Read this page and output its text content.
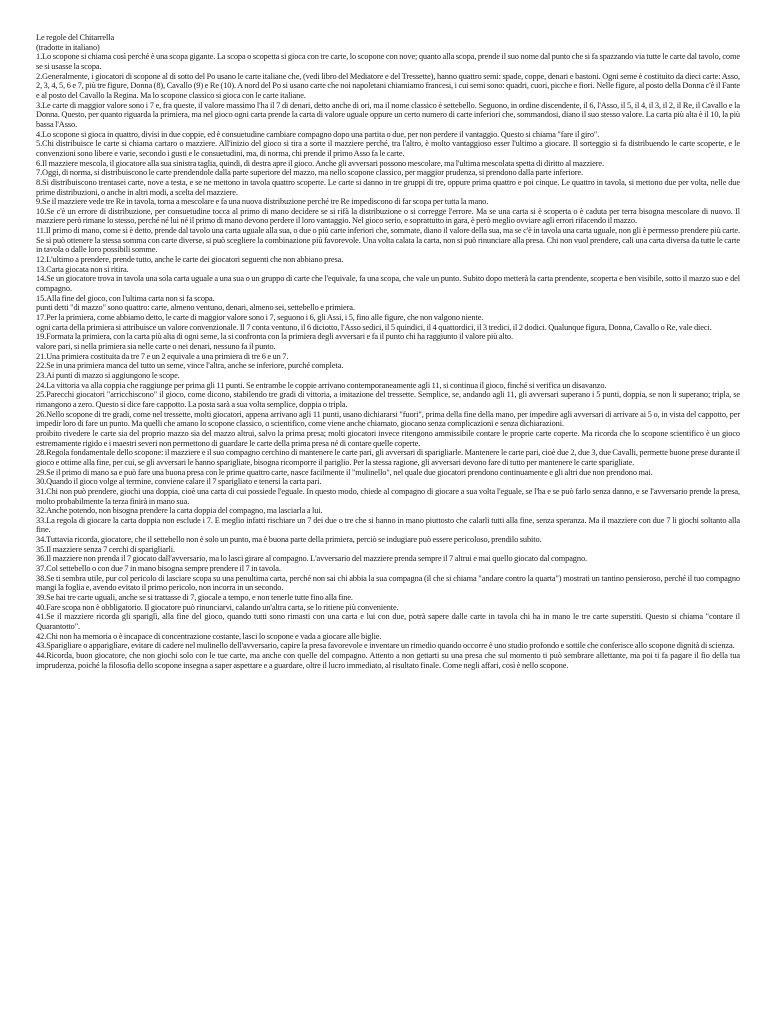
Le regole del Chitarrella

(tradotte in italiano)

1.Lo scopone si chiama così perché è una scopa gigante. La scopa o scopetta si gioca con tre carte, lo scopone con nove; quanto alla scopa, prende il suo nome dal punto che si fa spazzando via tutte le carte dal tavolo, come se si usasse la scopa.

2.Generalmente, i giocatori di scopone al di sotto del Po usano le carte italiane che, (vedi libro del Mediatore e del Tressette), hanno quattro semi: spade, coppe, denari e bastoni. Ogni seme è costituito da dieci carte: Asso, 2, 3, 4, 5, 6 e 7, più tre figure, Donna (8), Cavallo (9) e Re (10). A nord del Po si usano carte che noi napoletani chiamiamo francesi, i cui semi sono: quadri, cuori, picche e fiori. Nelle figure, al posto della Donna c'è il Fante e al posto del Cavallo la Regina. Ma lo scopone classico si gioca con le carte italiane.

3.Le carte di maggior valore sono i 7 e, fra queste, il valore massimo l'ha il 7 di denari, detto anche di ori, ma il nome classico è settebello. Seguono, in ordine discendente, il 6, l'Asso, il 5, il 4, il 3, il 2, il Re, il Cavallo e la Donna. Questo, per quanto riguarda la primiera, ma nel gioco ogni carta prende la carta di valore uguale oppure un certo numero di carte inferiori che, sommandosi, diano il suo stesso valore. La carta più alta è il 10, la più bassa l'Asso.

4.Lo scopone si gioca in quattro, divisi in due coppie, ed è consuetudine cambiare compagno dopo una partita o due, per non perdere il vantaggio. Questo si chiama "fare il giro".

5.Chi distribuisce le carte si chiama cartaro o mazziere. All'inizio del gioco si tira a sorte il mazziere perché, tra l'altro, è molto vantaggioso esser l'ultimo a giocare. Il sorteggio si fa distribuendo le carte scoperte, e le convenzioni sono libere e varie, secondo i gusti e le consuetudini, ma, di norma, chi prende il primo Asso fa le carte.

6.Il mazziere mescola, il giocatore alla sua sinistra taglia, quindi, di destra apre il gioco. Anche gli avversari possono mescolare, ma l'ultima mescolata spetta di diritto al mazziere.

7.Oggi, di norma, si distribuiscono le carte prendendole dalla parte superiore del mazzo, ma nello scopone classico, per maggior prudenza, si prendono dalla parte inferiore.

8.Si distribuiscono trentasei carte, nove a testa, e se ne mettono in tavola quattro scoperte. Le carte si danno in tre gruppi di tre, oppure prima quattro e poi cinque. Le quattro in tavola, si mettono due per volta, nelle due prime distribuzioni, o anche in altri modi, a scelta del mazziere.

9.Se il mazziere vede tre Re in tavola, torna a mescolare e fa una nuova distribuzione perché tre Re impediscono di far scopa per tutta la mano.

10.Se c'è un errore di distribuzione, per consuetudine tocca al primo di mano decidere se si rifà la distribuzione o si corregge l'errore. Ma se una carta si è scoperta o è caduta per terra bisogna mescolare di nuovo. Il mazziere però rimane lo stesso, perché né lui né il primo di mano devono perdere il loro vantaggio. Nel gioco serio, e soprattutto in gara, è però meglio ovviare agli errori rifacendo il mazzo.

11.Il primo di mano, come si è detto, prende dal tavolo una carta uguale alla sua, o due o più carte inferiori che, sommate, diano il valore della sua, ma se c'è in tavola una carta uguale, non gli è permesso prendere più carte. Se si può ottenere la stessa somma con carte diverse, si può scegliere la combinazione più favorevole. Una volta calata la carta, non si può rinunciare alla presa. Chi non vuol prendere, cali una carta diversa da tutte le carte in tavola o dalle loro possibili somme.

12.L'ultimo a prendere, prende tutto, anche le carte dei giocatori seguenti che non abbiano presa.

13.Carta giocata non si ritira.

14.Se un giocatore trova in tavola una sola carta uguale a una sua o un gruppo di carte che l'equivale, fa una scopa, che vale un punto. Subito dopo metterà la carta prendente, scoperta e ben visibile, sotto il mazzo suo e del compagno.

15.Alla fine del gioco, con l'ultima carta non si fa scopa.

punti detti "di mazzo" sono quattro: carte, almeno ventuno, denari, almeno sei, settebello e primiera.

17.Per la primiera, come abbiamo detto, le carte di maggior valore sono i 7, seguono i 6, gli Assi, i 5, fino alle figure, che non valgono niente.

ogni carta della primiera si attribuisce un valore convenzionale. Il 7 conta ventuno, il 6 diciotto, l'Asso sedici, il 5 quindici, il 4 quattordici, il 3 tredici, il 2 dodici. Qualunque figura, Donna, Cavallo o Re, vale dieci.

19.Formata la primiera, con la carta più alta di ogni seme, la si confronta con la primiera degli avversari e fa il punto chi ha raggiunto il valore più alto.

valore pari, si nella primiera sia nelle carte o nei denari, nessuno fa il punto.

21.Una primiera costituita da tre 7 e un 2 equivale a una primiera di tre 6 e un 7.

22.Se in una primiera manca del tutto un seme, vince l'altra, anche se inferiore, purché completa.

23.Ai punti di mazzo si aggiungono le scope.

24.La vittoria va alla coppia che raggiunge per prima gli 11 punti. Se entrambe le coppie arrivano contemporaneamente agli 11, si continua il gioco, finché si verifica un disavanzo.

25.Parecchi giocatori "arricchiscono" il gioco, come dicono, stabilendo tre gradi di vittoria, a imitazione del tressette. Semplice, se, andando agli 11, gli avversari superano i 5 punti, doppia, se non li superano; tripla, se rimangono a zero. Questo si dice fare cappotto. La posta sarà a sua volta semplice, doppia o tripla.

26.Nello scopone di tre gradi, come nel tressette, molti giocatori, appena arrivano agli 11 punti, usano dichiararsi "fuori", prima della fine della mano, per impedire agli avversari di arrivare ai 5 o, in vista del cappotto, per impedir loro di fare un punto. Ma quelli che amano lo scopone classico, o scientifico, come viene anche chiamato, giocano senza complicazioni e senza dichiarazioni.

proibito rivedere le carte sia del proprio mazzo sia del mazzo altrui, salvo la prima presa; molti giocatori invece ritengono ammissibile contare le proprie carte coperte. Ma ricorda che lo scopone scientifico è un gioco estremamente rigido e i maestri severi non permettono di guardare le carte della prima presa né di contare quelle coperte.

28.Regola fondamentale dello scopone: il mazziere e il suo compagno cerchino di mantenere le carte pari, gli avversari di sparigliarle. Mantenere le carte pari, cioè due 2, due 3, due Cavalli, permette buone prese durante il gioco e ottime alla fine, per cui, se gli avversari le hanno sparigliate, bisogna ricomporre il pariglio. Per la stessa ragione, gli avversari devono fare di tutto per mantenere le carte sparigliate.

29.Se il primo di mano sa e può fare una buona presa con le prime quattro carte, nasce facilmente il "mulinello", nel quale due giocatori prendono continuamente e gli altri due non prendono mai.

30.Quando il gioco volge al termine, conviene calare il 7 sparigliato e tenersi la carta pari.

31.Chi non può prendere, giochi una doppia, cioè una carta di cui possiede l'eguale. In questo modo, chiede al compagno di giocare a sua volta l'eguale, se l'ha e se può farlo senza danno, e se l'avversario prende la presa, molto probabilmente la terza finirà in mano sua.

32.Anche potendo, non bisogna prendere la carta doppia del compagno, ma lasciarla a lui.

33.La regola di giocare la carta doppia non esclude i 7. E meglio infatti rischiare un 7 dei due o tre che si hanno in mano piuttosto che calarli tutti alla fine, senza speranza. Ma il mazziere con due 7 li giochi soltanto alla fine.

34.Tuttavia ricorda, giocatore, che il settebello non è solo un punto, ma è buona parte della primiera, perciò se indugiare può essere pericoloso, prendilo subito.

35.Il mazziere senza 7 cerchi di sparigliarli.

36.Il mazziere non prenda il 7 giocato dall'avversario, ma lo lasci girare al compagno. L'avversario del mazziere prenda sempre il 7 altrui e mai quello giocato dal compagno.

37.Col settebello o con due 7 in mano bisogna sempre prendere il 7 in tavola.

38.Se ti sembra utile, pur col pericolo di lasciare scopa su una penultima carta, perché non sai chi abbia la sua compagna (il che si chiama "andare contro la quarta") mostrati un tantino pensieroso, perché il tuo compagno mangi la foglia e, avendo evitato il primo pericolo, non incorra in un secondo.

39.Se hai tre carte uguali, anche se si trattasse di 7, giocale a tempo, e non tenerle tutte fino alla fine.

40.Fare scopa non è obbligatorio. Il giocatore può rinunciarvi, calando un'altra carta, se lo ritiene più conveniente.

41.Se il mazziere ricorda gli spariglì, alla fine del gioco, quando tutti sono rimasti con una carta e lui con due, potrà sapere dalle carte in tavola chi ha in mano le tre carte superstiti. Questo si chiama "contare il Quarantotto".

42.Chi non ha memoria o è incapace di concentrazione costante, lasci lo scopone e vada a giocare alle biglie.

43.Sparigliare o appariglìare, evitare di cadere nel mulinello dell'avversario, capire la presa favorevole e inventare un rimedio quando occorre è uno studio profondo e sottile che conferisce allo scopone dignità di scienza.

44.Ricorda, buon giocatore, che non giochi solo con le tue carte, ma anche con quelle del compagno. Attento a non gettarti su una presa che sul momento ti può sembrare allettante, ma poi ti fa pagare il fio della tua imprudenza, poiché la filosofia dello scopone insegna a saper aspettare e a guardare, oltre il lucro immediato, al risultato finale. Come negli affari, così è nello scopone.
